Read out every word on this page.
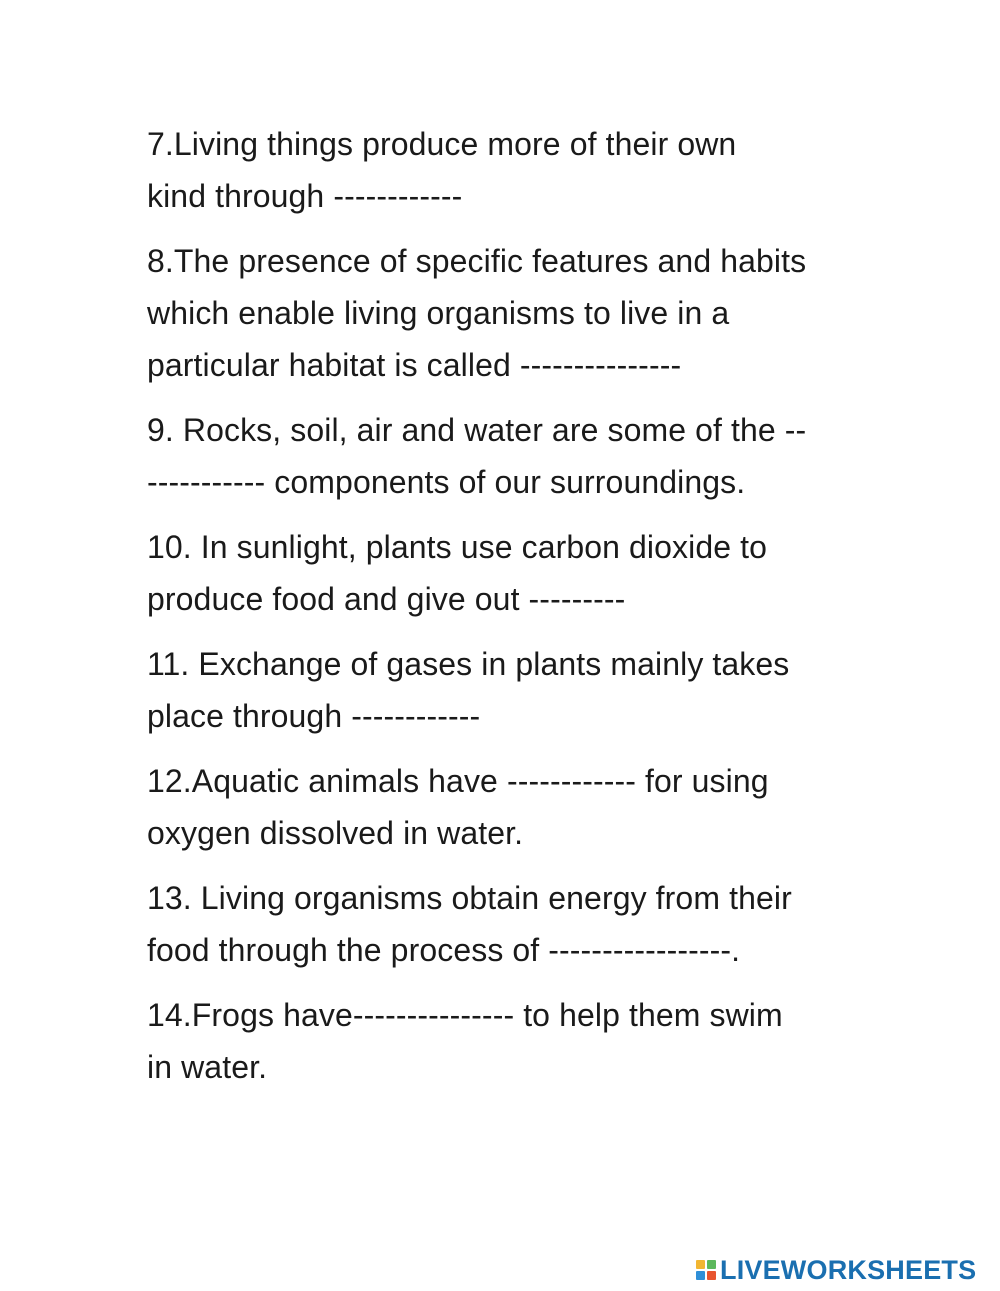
7.Living things produce more of their own
kind through ------------

8.The presence of specific features and habits
which enable living organisms to live in a
particular habitat is called ---------------

9. Rocks, soil, air and water are some of the --
----------- components of our surroundings.

10. In sunlight, plants use carbon dioxide to
produce food and give out ---------

11. Exchange of gases in plants mainly takes
place through ------------

12.Aquatic animals have ------------ for using
oxygen dissolved in water.

13. Living organisms obtain energy from their
food through the process of -----------------.

14.Frogs have--------------- to help them swim
in water.

LIVEWORKSHEETS
